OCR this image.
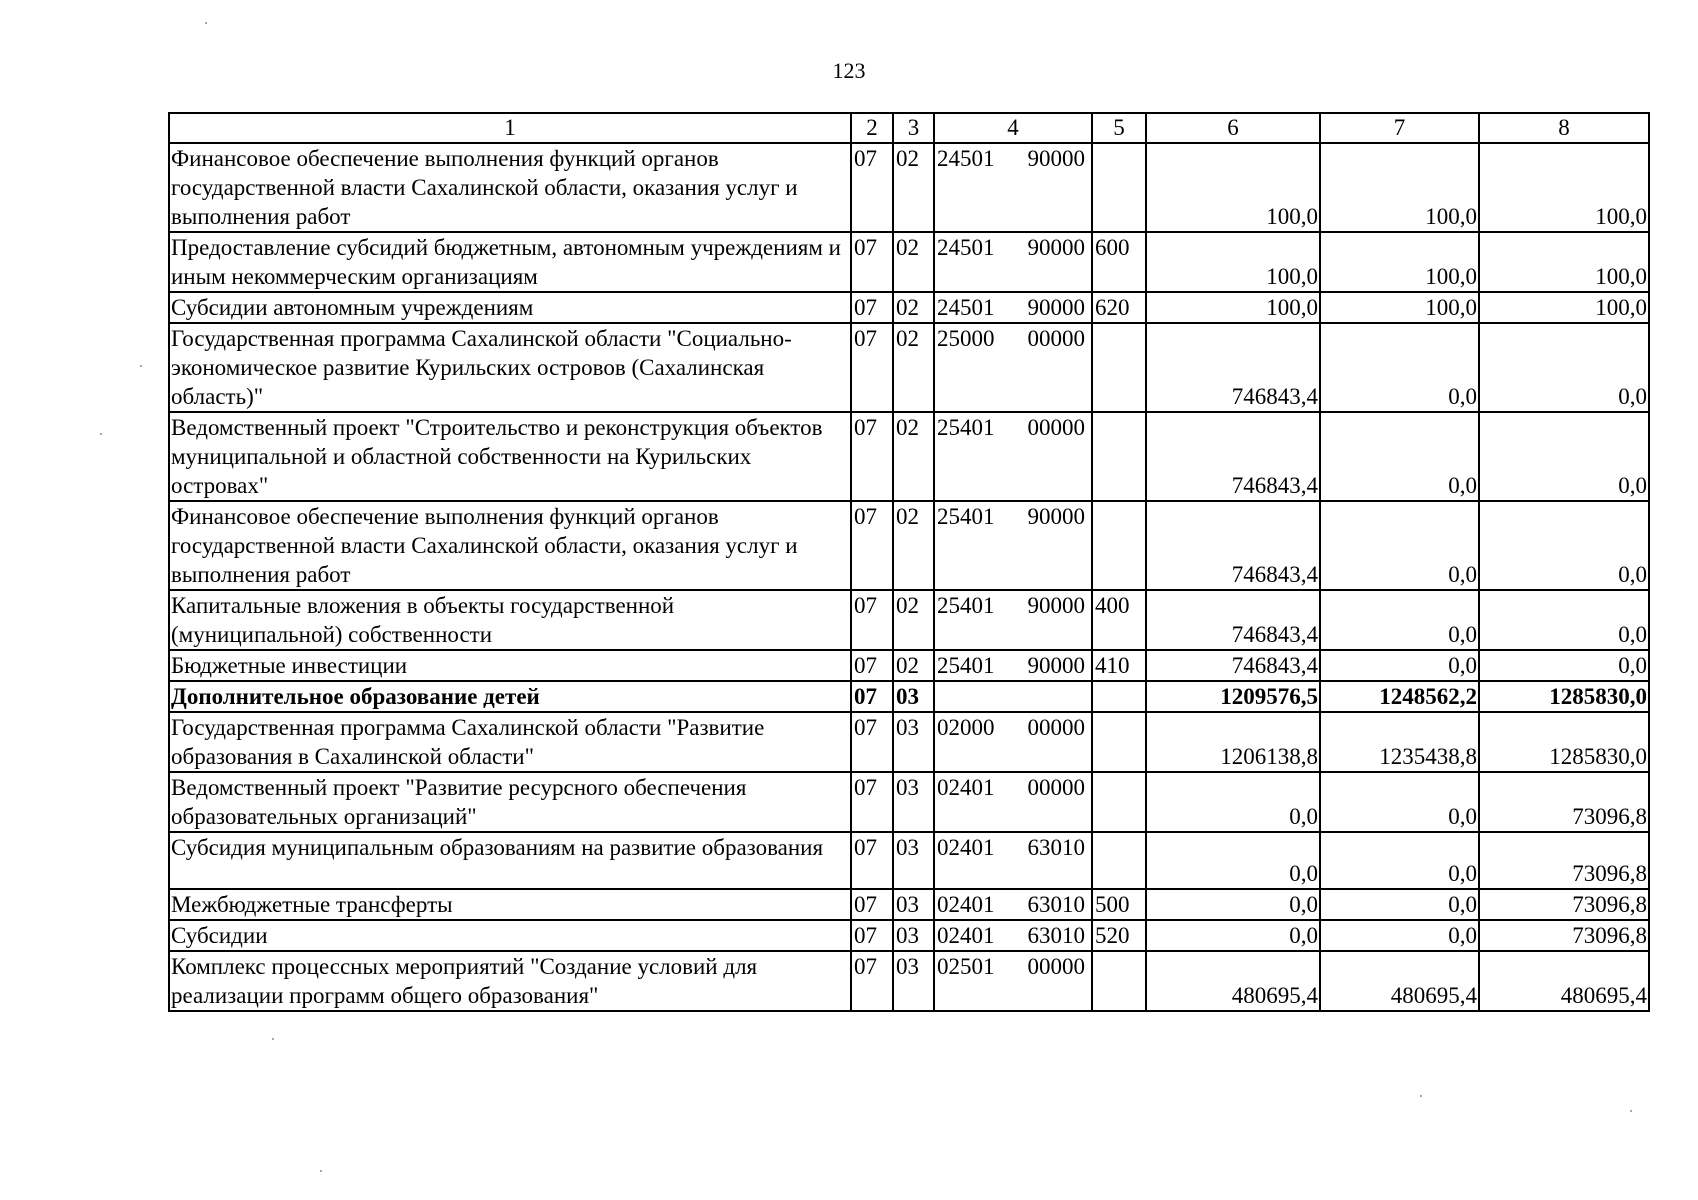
123
1	2	3	4	5	6	7	8
Финансовое обеспечение выполнения функций органов государственной власти Сахалинской области, оказания услуг и выполнения работ	07	02	24501 90000		100,0	100,0	100,0
Предоставление субсидий бюджетным, автономным учреждениям и иным некоммерческим организациям	07	02	24501 90000	600	100,0	100,0	100,0
Субсидии автономным учреждениям	07	02	24501 90000	620	100,0	100,0	100,0
Государственная программа Сахалинской области "Социально-экономическое развитие Курильских островов (Сахалинская область)"	07	02	25000 00000		746843,4	0,0	0,0
Ведомственный проект "Строительство и реконструкция объектов муниципальной и областной собственности на Курильских островах"	07	02	25401 00000		746843,4	0,0	0,0
Финансовое обеспечение выполнения функций органов государственной власти Сахалинской области, оказания услуг и выполнения работ	07	02	25401 90000		746843,4	0,0	0,0
Капитальные вложения в объекты государственной (муниципальной) собственности	07	02	25401 90000	400	746843,4	0,0	0,0
Бюджетные инвестиции	07	02	25401 90000	410	746843,4	0,0	0,0
Дополнительное образование детей	07	03			1209576,5	1248562,2	1285830,0
Государственная программа Сахалинской области "Развитие образования в Сахалинской области"	07	03	02000 00000		1206138,8	1235438,8	1285830,0
Ведомственный проект "Развитие ресурсного обеспечения образовательных организаций"	07	03	02401 00000		0,0	0,0	73096,8
Субсидия муниципальным образованиям на развитие образования	07	03	02401 63010		0,0	0,0	73096,8
Межбюджетные трансферты	07	03	02401 63010	500	0,0	0,0	73096,8
Субсидии	07	03	02401 63010	520	0,0	0,0	73096,8
Комплекс процессных мероприятий "Создание условий для реализации программ общего образования"	07	03	02501 00000		480695,4	480695,4	480695,4
